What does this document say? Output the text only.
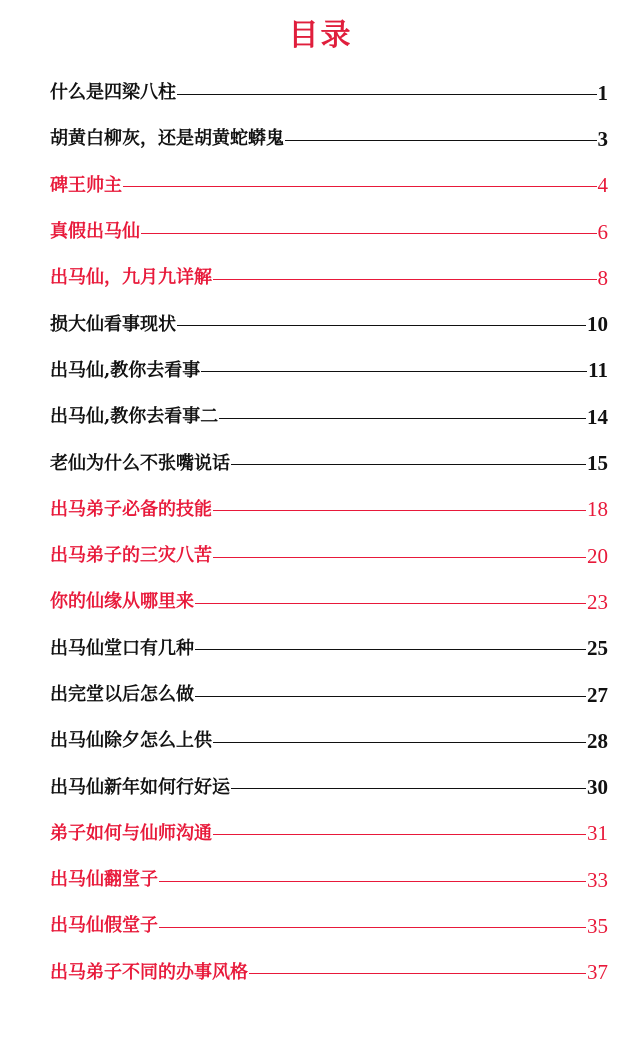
目录
什么是四梁八柱	1
胡黄白柳灰，还是胡黄蛇蟒鬼	3
碑王帅主	4
真假出马仙	6
出马仙，九月九详解	8
损大仙看事现状	10
出马仙,教你去看事	11
出马仙,教你去看事二	14
老仙为什么不张嘴说话	15
出马弟子必备的技能	18
出马弟子的三灾八苦	20
你的仙缘从哪里来	23
出马仙堂口有几种	25
出完堂以后怎么做	27
出马仙除夕怎么上供	28
出马仙新年如何行好运	30
弟子如何与仙师沟通	31
出马仙翻堂子	33
出马仙假堂子	35
出马弟子不同的办事风格	37
